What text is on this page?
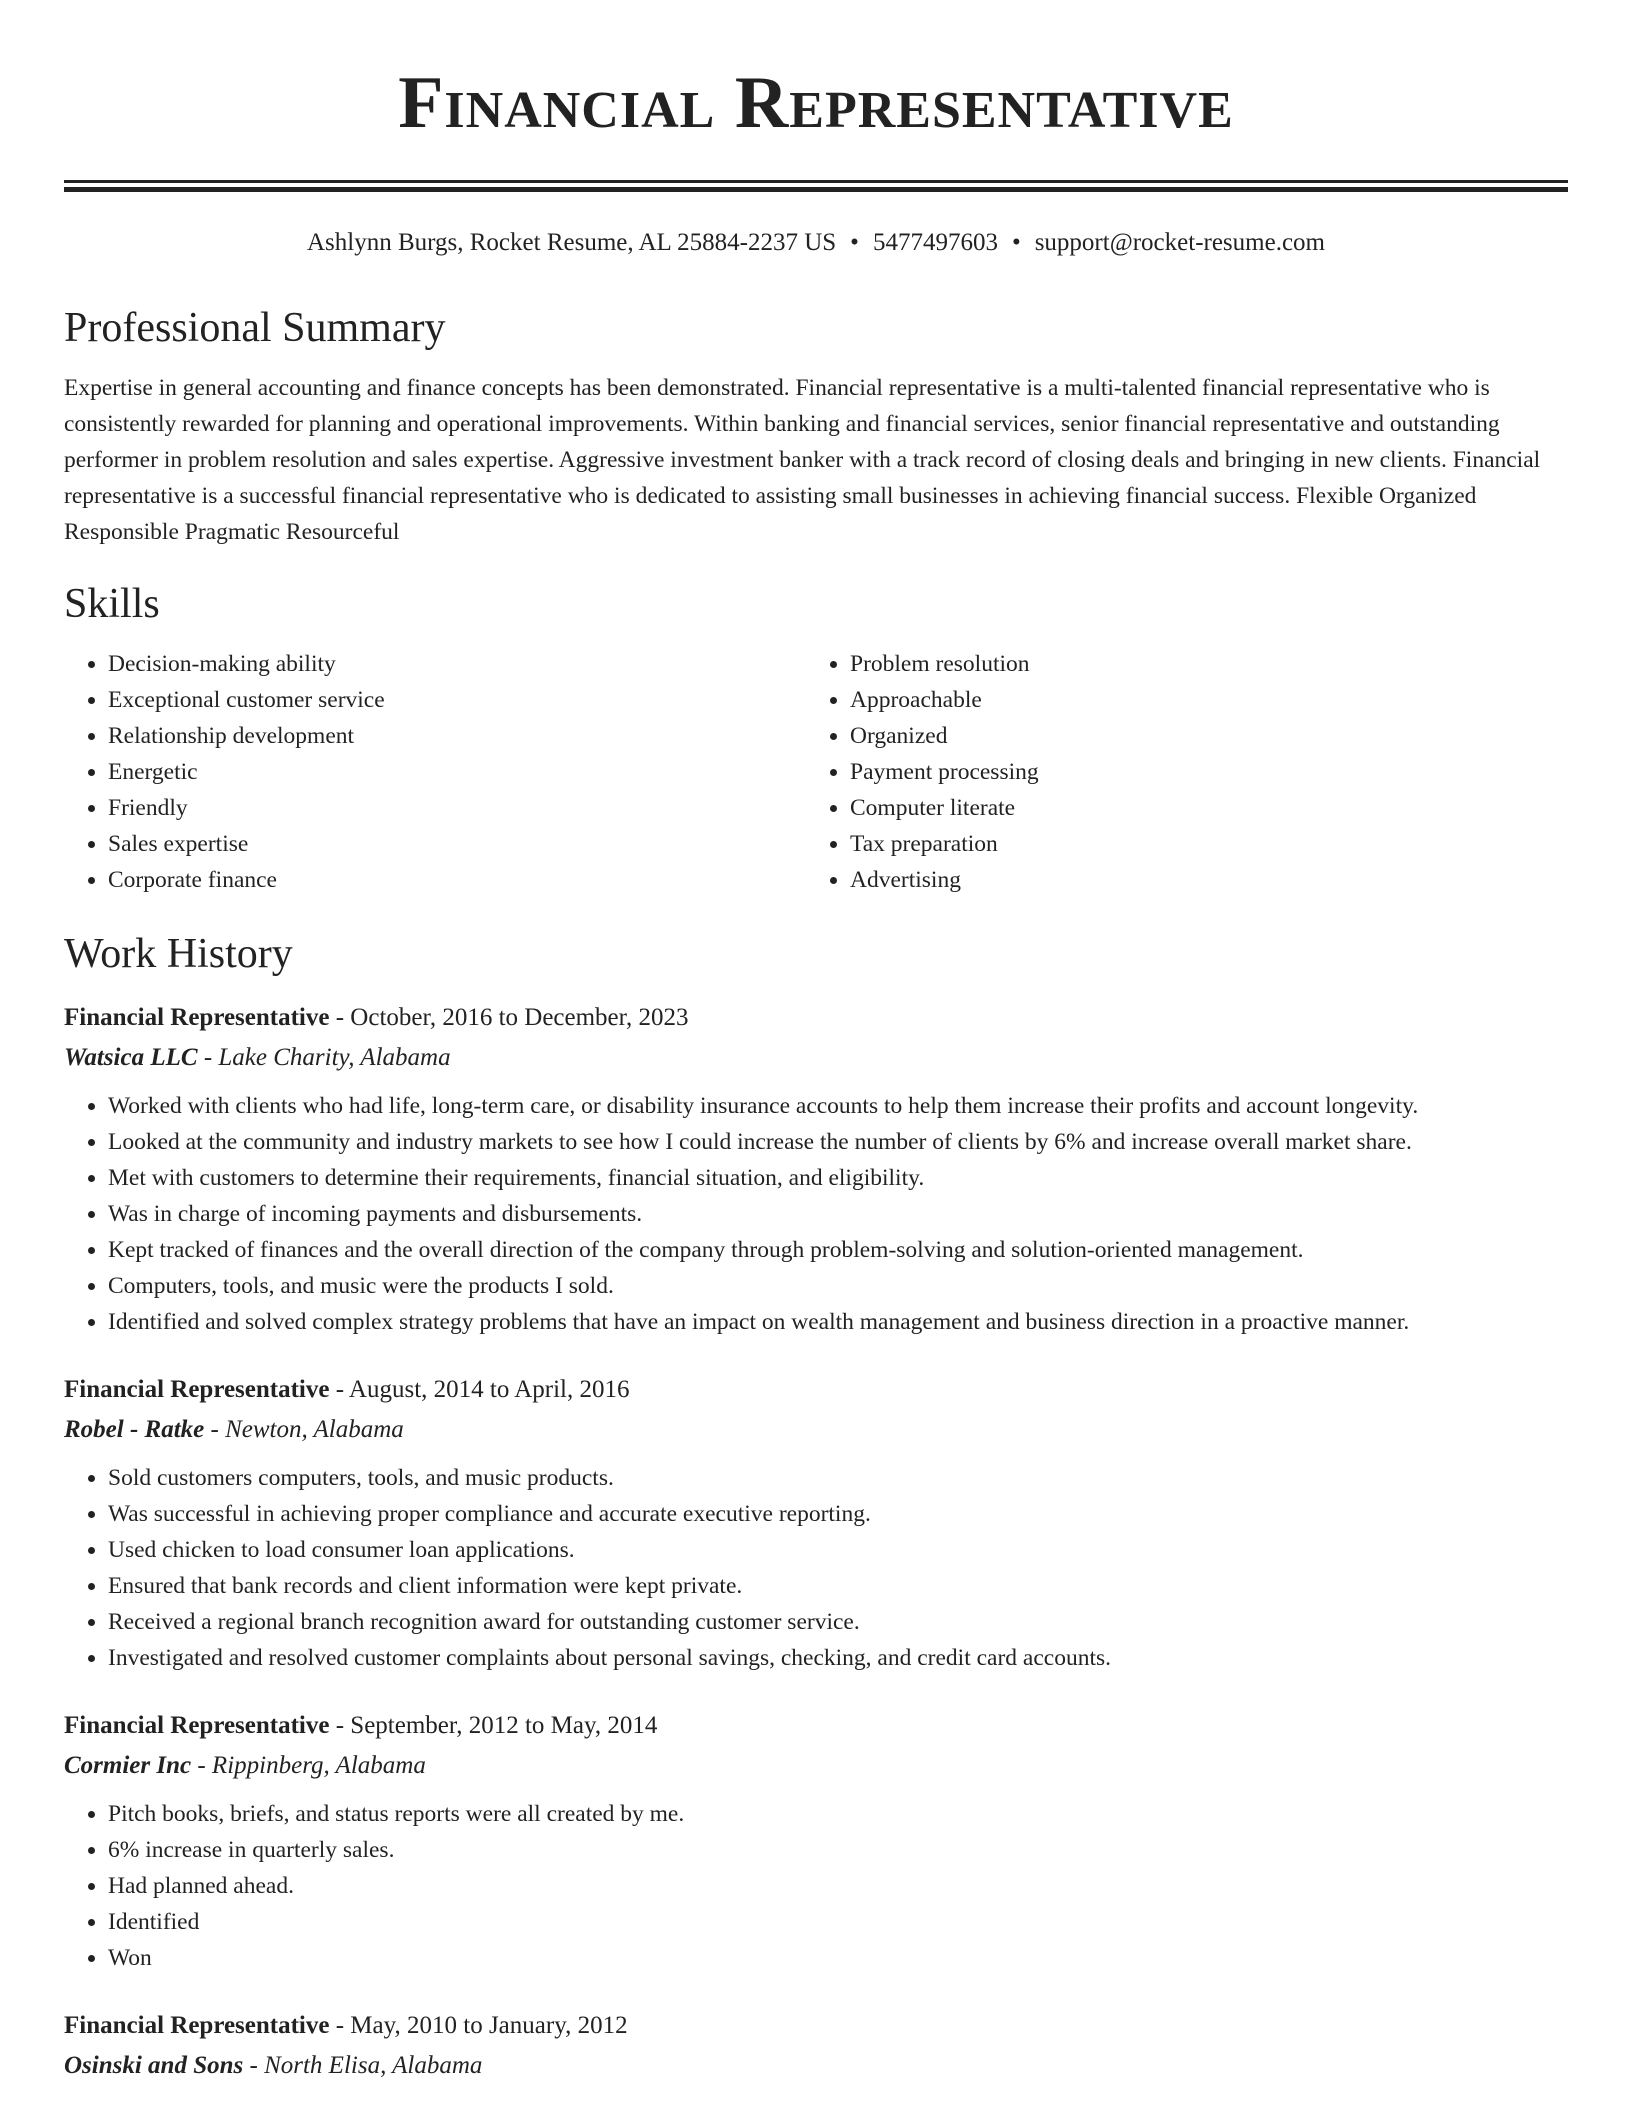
Financial Representative
Ashlynn Burgs, Rocket Resume, AL 25884-2237 US • 5477497603 • support@rocket-resume.com
Professional Summary
Expertise in general accounting and finance concepts has been demonstrated. Financial representative is a multi-talented financial representative who is consistently rewarded for planning and operational improvements. Within banking and financial services, senior financial representative and outstanding performer in problem resolution and sales expertise. Aggressive investment banker with a track record of closing deals and bringing in new clients. Financial representative is a successful financial representative who is dedicated to assisting small businesses in achieving financial success. Flexible Organized Responsible Pragmatic Resourceful
Skills
• Decision-making ability
• Exceptional customer service
• Relationship development
• Energetic
• Friendly
• Sales expertise
• Corporate finance
• Problem resolution
• Approachable
• Organized
• Payment processing
• Computer literate
• Tax preparation
• Advertising
Work History
Financial Representative - October, 2016 to December, 2023
Watsica LLC - Lake Charity, Alabama
• Worked with clients who had life, long-term care, or disability insurance accounts to help them increase their profits and account longevity.
• Looked at the community and industry markets to see how I could increase the number of clients by 6% and increase overall market share.
• Met with customers to determine their requirements, financial situation, and eligibility.
• Was in charge of incoming payments and disbursements.
• Kept tracked of finances and the overall direction of the company through problem-solving and solution-oriented management.
• Computers, tools, and music were the products I sold.
• Identified and solved complex strategy problems that have an impact on wealth management and business direction in a proactive manner.
Financial Representative - August, 2014 to April, 2016
Robel - Ratke - Newton, Alabama
• Sold customers computers, tools, and music products.
• Was successful in achieving proper compliance and accurate executive reporting.
• Used chicken to load consumer loan applications.
• Ensured that bank records and client information were kept private.
• Received a regional branch recognition award for outstanding customer service.
• Investigated and resolved customer complaints about personal savings, checking, and credit card accounts.
Financial Representative - September, 2012 to May, 2014
Cormier Inc - Rippinberg, Alabama
• Pitch books, briefs, and status reports were all created by me.
• 6% increase in quarterly sales.
• Had planned ahead.
• Identified
• Won
Financial Representative - May, 2010 to January, 2012
Osinski and Sons - North Elisa, Alabama
